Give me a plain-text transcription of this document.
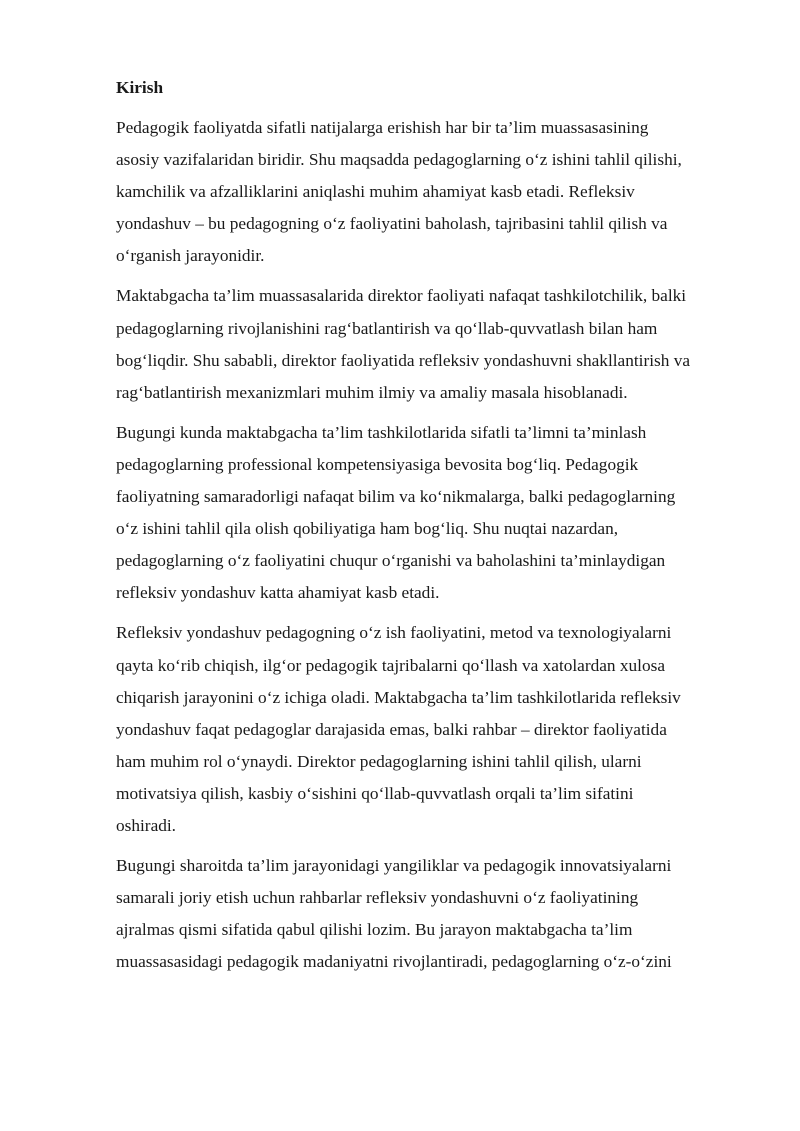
Kirish

Pedagogik faoliyatda sifatli natijalarga erishish har bir ta’lim muassasasining
asosiy vazifalaridan biridir. Shu maqsadda pedagoglarning o‘z ishini tahlil qilishi,
kamchilik va afzalliklarini aniqlashi muhim ahamiyat kasb etadi. Refleksiv
yondashuv – bu pedagogning o‘z faoliyatini baholash, tajribasini tahlil qilish va
o‘rganish jarayonidir.

Maktabgacha ta’lim muassasalarida direktor faoliyati nafaqat tashkilotchilik, balki
pedagoglarning rivojlanishini rag‘batlantirish va qo‘llab-quvvatlash bilan ham
bog‘liqdir. Shu sababli, direktor faoliyatida refleksiv yondashuvni shakllantirish va
rag‘batlantirish mexanizmlari muhim ilmiy va amaliy masala hisoblanadi.

Bugungi kunda maktabgacha ta’lim tashkilotlarida sifatli ta’limni ta’minlash
pedagoglarning professional kompetensiyasiga bevosita bog‘liq. Pedagogik
faoliyatning samaradorligi nafaqat bilim va ko‘nikmalarga, balki pedagoglarning
o‘z ishini tahlil qila olish qobiliyatiga ham bog‘liq. Shu nuqtai nazardan,
pedagoglarning o‘z faoliyatini chuqur o‘rganishi va baholashini ta’minlaydigan
refleksiv yondashuv katta ahamiyat kasb etadi.

Refleksiv yondashuv pedagogning o‘z ish faoliyatini, metod va texnologiyalarni
qayta ko‘rib chiqish, ilg‘or pedagogik tajribalarni qo‘llash va xatolardan xulosa
chiqarish jarayonini o‘z ichiga oladi. Maktabgacha ta’lim tashkilotlarida refleksiv
yondashuv faqat pedagoglar darajasida emas, balki rahbar – direktor faoliyatida
ham muhim rol o‘ynaydi. Direktor pedagoglarning ishini tahlil qilish, ularni
motivatsiya qilish, kasbiy o‘sishini qo‘llab-quvvatlash orqali ta’lim sifatini
oshiradi.

Bugungi sharoitda ta’lim jarayonidagi yangiliklar va pedagogik innovatsiyalarni
samarali joriy etish uchun rahbarlar refleksiv yondashuvni o‘z faoliyatining
ajralmas qismi sifatida qabul qilishi lozim. Bu jarayon maktabgacha ta’lim
muassasasidagi pedagogik madaniyatni rivojlantiradi, pedagoglarning o‘z-o‘zini
